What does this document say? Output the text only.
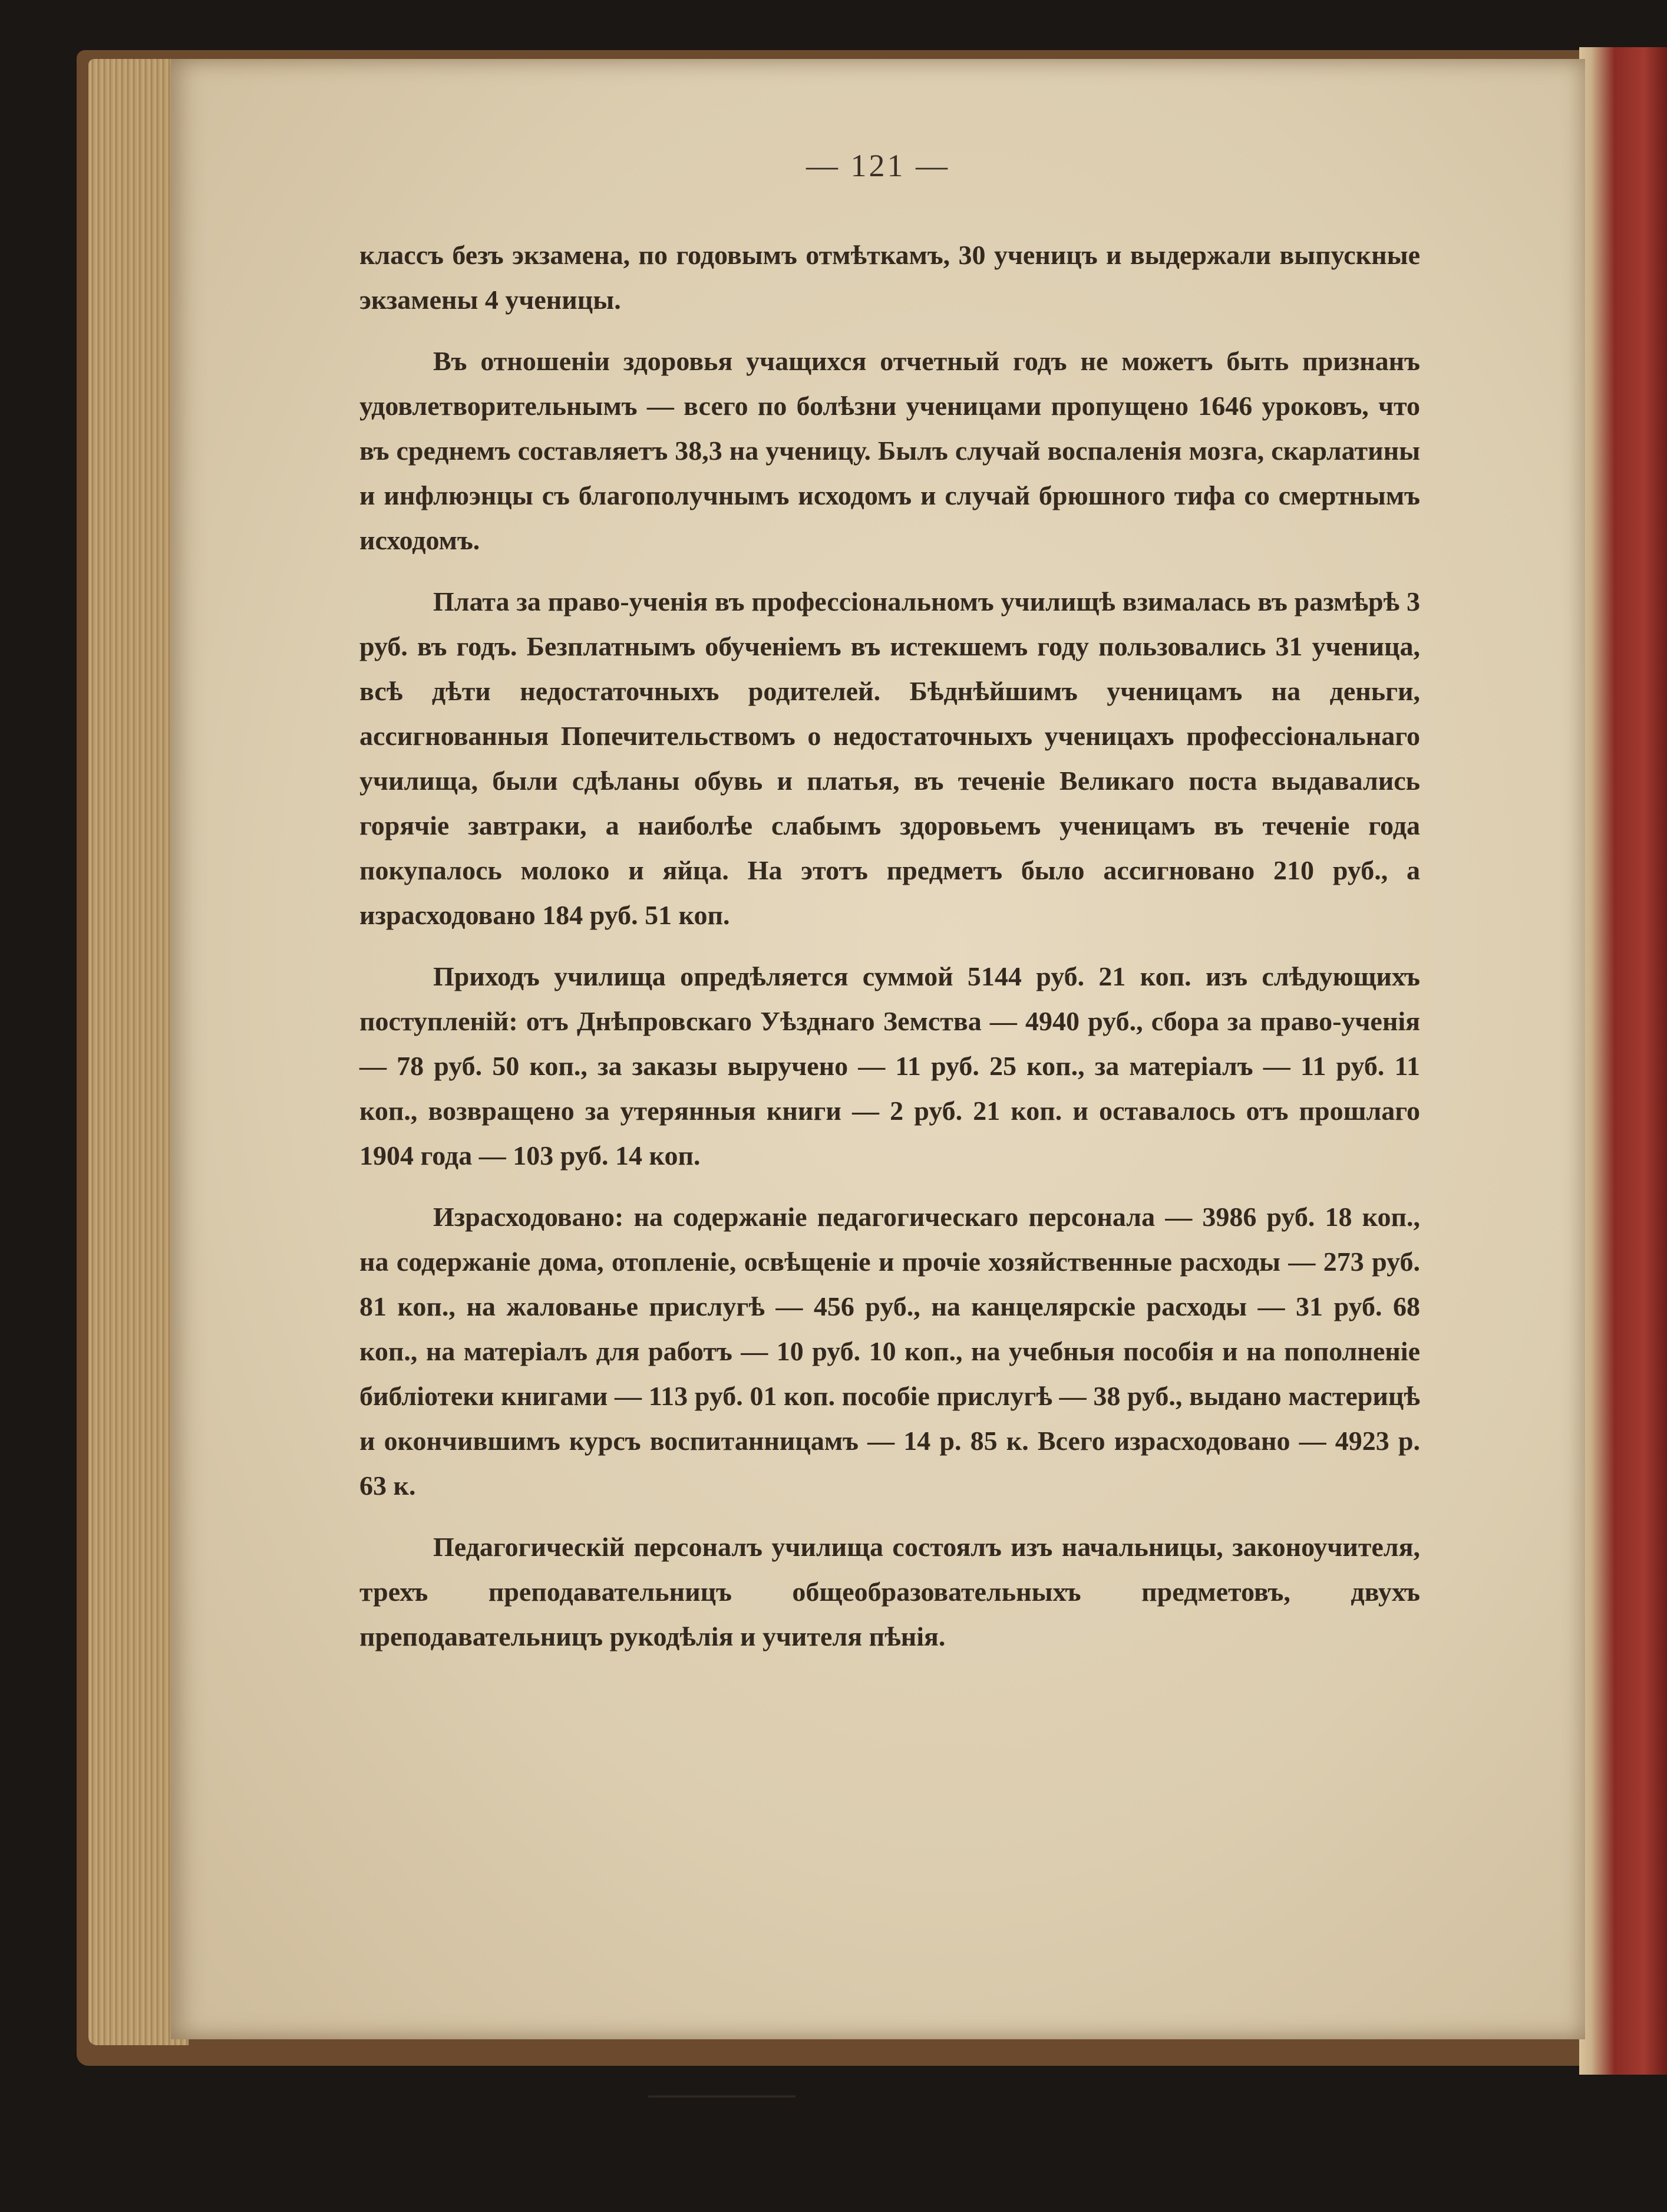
— 121 —

классъ безъ экзамена, по годовымъ отмѣткамъ, 30 ученицъ и выдержали выпускные экзамены 4 ученицы.

Въ отношеніи здоровья учащихся отчетный годъ не можетъ быть признанъ удовлетворительнымъ — всего по болѣзни ученицами пропущено 1646 уроковъ, что въ среднемъ составляетъ 38,3 на ученицу. Былъ случай воспаленія мозга, скарлатины и инфлюэнцы съ благополучнымъ исходомъ и случай брюшного тифа со смертнымъ исходомъ.

Плата за право-ученія въ профессіональномъ училищѣ взималась въ размѣрѣ 3 руб. въ годъ. Безплатнымъ обученіемъ въ истекшемъ году пользовались 31 ученица, всѣ дѣти недостаточныхъ родителей. Бѣднѣйшимъ ученицамъ на деньги, ассигнованныя Попечительствомъ о недостаточныхъ ученицахъ профессіональнаго училища, были сдѣланы обувь и платья, въ теченіе Великаго поста выдавались горячіе завтраки, а наиболѣе слабымъ здоровьемъ ученицамъ въ теченіе года покупалось молоко и яйца. На этотъ предметъ было ассигновано 210 руб., а израсходовано 184 руб. 51 коп.

Приходъ училища опредѣляется суммой 5144 руб. 21 коп. изъ слѣдующихъ поступленій: отъ Днѣпровскаго Уѣзднаго Земства — 4940 руб., сбора за право-ученія — 78 руб. 50 коп., за заказы выручено — 11 руб. 25 коп., за матеріалъ — 11 руб. 11 коп., возвращено за утерянныя книги — 2 руб. 21 коп. и оставалось отъ прошлаго 1904 года — 103 руб. 14 коп.

Израсходовано: на содержаніе педагогическаго персонала — 3986 руб. 18 коп., на содержаніе дома, отопленіе, освѣщеніе и прочіе хозяйственные расходы — 273 руб. 81 коп., на жалованье прислугѣ — 456 руб., на канцелярскіе расходы — 31 руб. 68 коп., на матеріалъ для работъ — 10 руб. 10 коп., на учебныя пособія и на пополненіе библіотеки книгами — 113 руб. 01 коп. пособіе прислугѣ — 38 руб., выдано мастерицѣ и окончившимъ курсъ воспитанницамъ — 14 р. 85 к. Всего израсходовано — 4923 р. 63 к.

Педагогическій персоналъ училища состоялъ изъ начальницы, законоучителя, трехъ преподавательницъ общеобразовательныхъ предметовъ, двухъ преподавательницъ рукодѣлія и учителя пѣнія.
